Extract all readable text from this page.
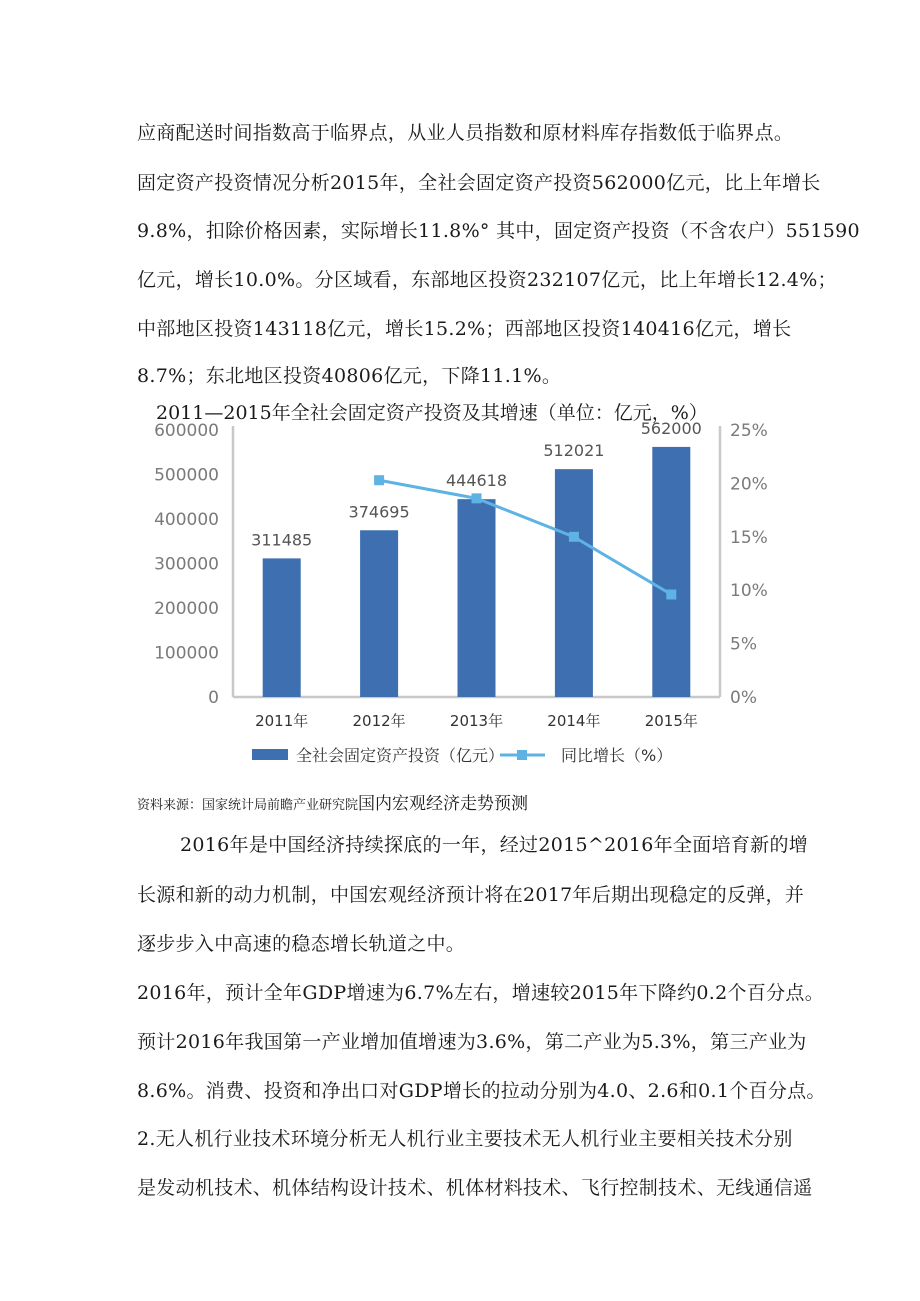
应商配送时间指数高于临界点，从业人员指数和原材料库存指数低于临界点。
固定资产投资情况分析2015年，全社会固定资产投资562000亿元，比上年增长
9.8%，扣除价格因素，实际增长11.8%° 其中，固定资产投资（不含农户）551590
亿元，增长10.0%。分区域看，东部地区投资232107亿元，比上年增长12.4%；
中部地区投资143118亿元，增长15.2%；西部地区投资140416亿元，增长
8.7%；东北地区投资40806亿元，下降11.1%。
2011—2015年全社会固定资产投资及其增速（单位：亿元，%）
0
100000
200000
300000
400000
500000
600000
0%
5%
10%
15%
20%
25%
311485
374695
444618
512021
562000
2011年	2012年	2013年	2014年	2015年
全社会固定资产投资（亿元）	同比增长（%）
资料来源：国家统计局前瞻产业研究院国内宏观经济走势预测
2016年是中国经济持续探底的一年，经过2015^2016年全面培育新的增
长源和新的动力机制，中国宏观经济预计将在2017年后期出现稳定的反弹，并
逐步步入中高速的稳态增长轨道之中。
2016年，预计全年GDP增速为6.7%左右，增速较2015年下降约0.2个百分点。
预计2016年我国第一产业增加值增速为3.6%，第二产业为5.3%，第三产业为
8.6%。消费、投资和净出口对GDP增长的拉动分别为4.0、2.6和0.1个百分点。
2.无人机行业技术环境分析无人机行业主要技术无人机行业主要相关技术分别
是发动机技术、机体结构设计技术、机体材料技术、飞行控制技术、无线通信遥
